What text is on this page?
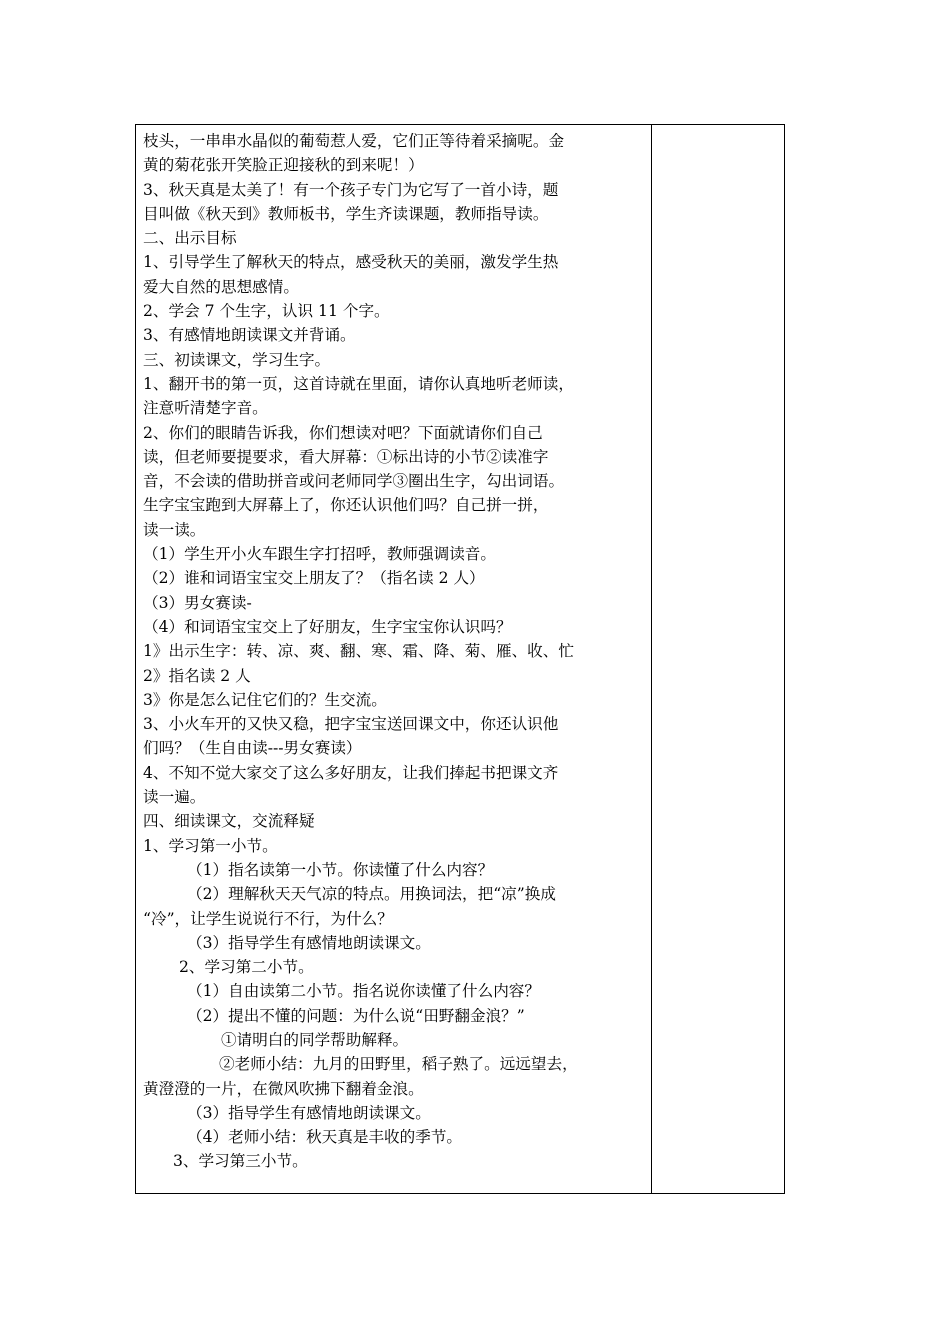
枝头，一串串水晶似的葡萄惹人爱，它们正等待着采摘呢。金
黄的菊花张开笑脸正迎接秋的到来呢！）
3、秋天真是太美了！有一个孩子专门为它写了一首小诗，题
目叫做《秋天到》教师板书，学生齐读课题，教师指导读。
二、出示目标
1、引导学生了解秋天的特点，感受秋天的美丽，激发学生热
爱大自然的思想感情。
2、学会 7 个生字，认识 11 个字。
3、有感情地朗读课文并背诵。
三、初读课文，学习生字。
1、翻开书的第一页，这首诗就在里面，请你认真地听老师读，
注意听清楚字音。
2、你们的眼睛告诉我，你们想读对吧？下面就请你们自己
读，但老师要提要求，看大屏幕：①标出诗的小节②读准字
音，不会读的借助拼音或问老师同学③圈出生字，勾出词语。
生字宝宝跑到大屏幕上了，你还认识他们吗？自己拼一拼，
读一读。
（1）学生开小火车跟生字打招呼，教师强调读音。
（2）谁和词语宝宝交上朋友了？（指名读 2 人）
（3）男女赛读-
（4）和词语宝宝交上了好朋友，生字宝宝你认识吗？
1》出示生字：转、凉、爽、翻、寒、霜、降、菊、雁、收、忙
2》指名读 2 人
3》你是怎么记住它们的？生交流。
3、小火车开的又快又稳，把字宝宝送回课文中，你还认识他
们吗？（生自由读---男女赛读）
4、不知不觉大家交了这么多好朋友，让我们捧起书把课文齐
读一遍。
四、细读课文，交流释疑
1、学习第一小节。
（1）指名读第一小节。你读懂了什么内容？
（2）理解秋天天气凉的特点。用换词法，把“凉”换成
“冷”，让学生说说行不行，为什么？
（3）指导学生有感情地朗读课文。
2、学习第二小节。
（1）自由读第二小节。指名说你读懂了什么内容？
（2）提出不懂的问题：为什么说“田野翻金浪？”
①请明白的同学帮助解释。
②老师小结：九月的田野里，稻子熟了。远远望去，
黄澄澄的一片，在微风吹拂下翻着金浪。
（3）指导学生有感情地朗读课文。
（4）老师小结：秋天真是丰收的季节。
3、学习第三小节。
